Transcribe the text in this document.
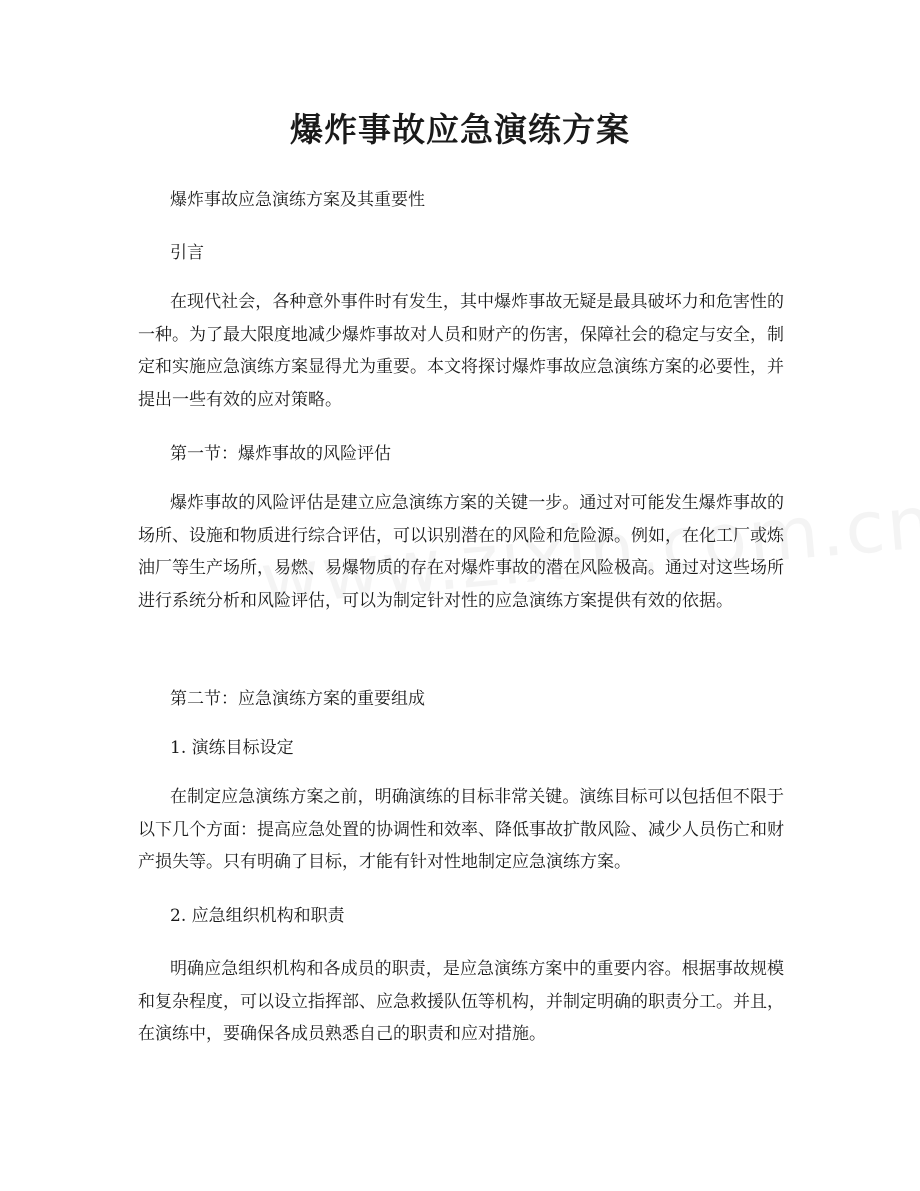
爆炸事故应急演练方案

爆炸事故应急演练方案及其重要性

引言

在现代社会，各种意外事件时有发生，其中爆炸事故无疑是最具破坏力和危害性的一种。为了最大限度地减少爆炸事故对人员和财产的伤害，保障社会的稳定与安全，制定和实施应急演练方案显得尤为重要。本文将探讨爆炸事故应急演练方案的必要性，并提出一些有效的应对策略。

第一节：爆炸事故的风险评估

爆炸事故的风险评估是建立应急演练方案的关键一步。通过对可能发生爆炸事故的场所、设施和物质进行综合评估，可以识别潜在的风险和危险源。例如，在化工厂或炼油厂等生产场所，易燃、易爆物质的存在对爆炸事故的潜在风险极高。通过对这些场所进行系统分析和风险评估，可以为制定针对性的应急演练方案提供有效的依据。

第二节：应急演练方案的重要组成

1. 演练目标设定

在制定应急演练方案之前，明确演练的目标非常关键。演练目标可以包括但不限于以下几个方面：提高应急处置的协调性和效率、降低事故扩散风险、减少人员伤亡和财产损失等。只有明确了目标，才能有针对性地制定应急演练方案。

2. 应急组织机构和职责

明确应急组织机构和各成员的职责，是应急演练方案中的重要内容。根据事故规模和复杂程度，可以设立指挥部、应急救援队伍等机构，并制定明确的职责分工。并且，在演练中，要确保各成员熟悉自己的职责和应对措施。
